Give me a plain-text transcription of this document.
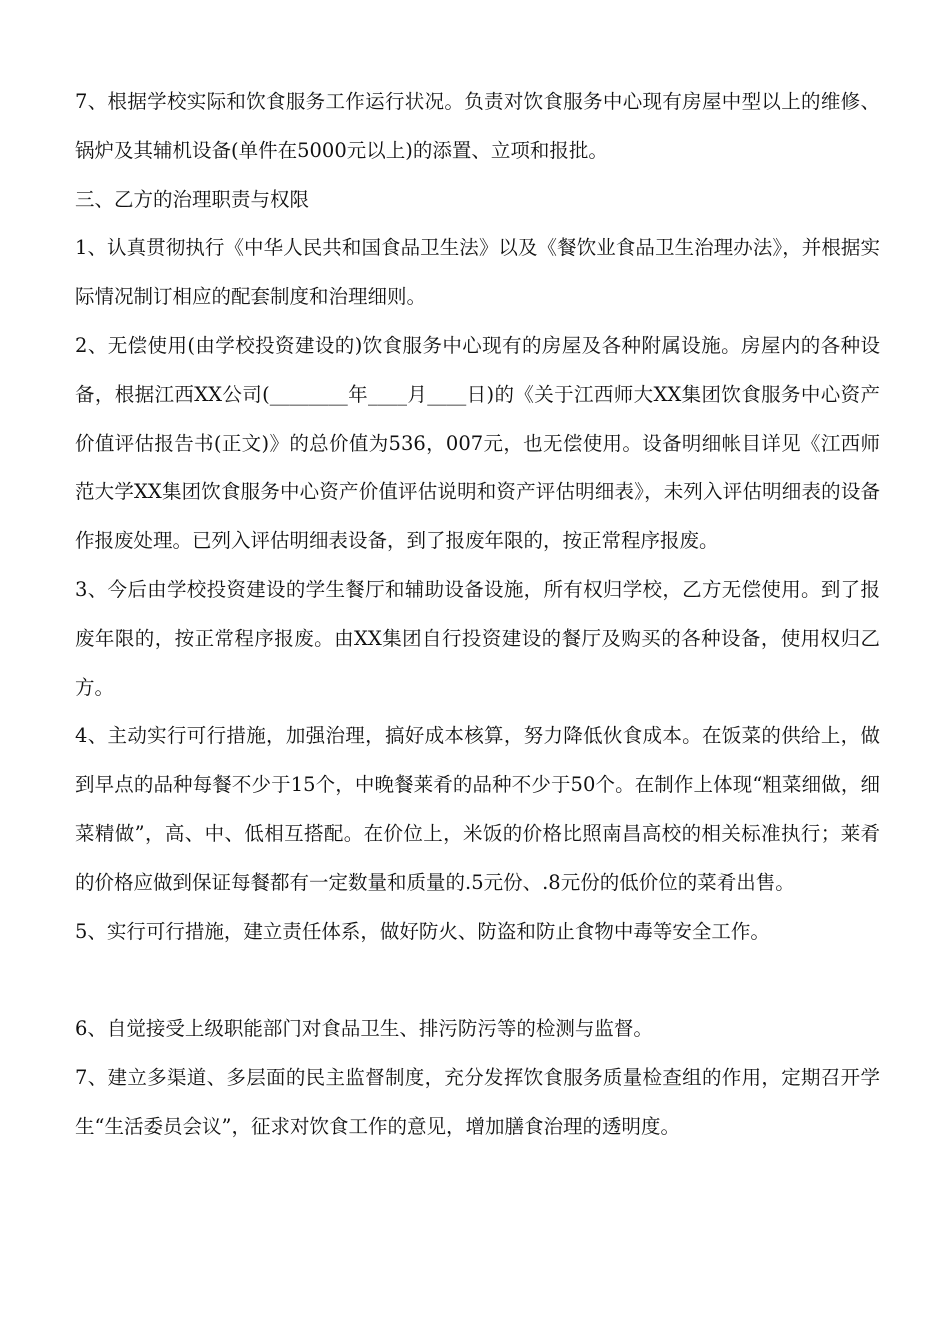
7、根据学校实际和饮食服务工作运行状况。负责对饮食服务中心现有房屋中型以上的维修、锅炉及其辅机设备(单件在5000元以上)的添置、立项和报批。

三、乙方的治理职责与权限

1、认真贯彻执行《中华人民共和国食品卫生法》以及《餐饮业食品卫生治理办法》，并根据实际情况制订相应的配套制度和治理细则。

2、无偿使用(由学校投资建设的)饮食服务中心现有的房屋及各种附属设施。房屋内的各种设备，根据江西XX公司(________年____月____日)的《关于江西师大XX集团饮食服务中心资产价值评估报告书(正文)》的总价值为536，007元，也无偿使用。设备明细帐目详见《江西师范大学XX集团饮食服务中心资产价值评估说明和资产评估明细表》，未列入评估明细表的设备作报废处理。已列入评估明细表设备，到了报废年限的，按正常程序报废。

3、今后由学校投资建设的学生餐厅和辅助设备设施，所有权归学校，乙方无偿使用。到了报废年限的，按正常程序报废。由XX集团自行投资建设的餐厅及购买的各种设备，使用权归乙方。

4、主动实行可行措施，加强治理，搞好成本核算，努力降低伙食成本。在饭菜的供给上，做到早点的品种每餐不少于15个，中晚餐莱肴的品种不少于50个。在制作上体现“粗菜细做，细菜精做”，高、中、低相互搭配。在价位上，米饭的价格比照南昌高校的相关标准执行；莱肴的价格应做到保证每餐都有一定数量和质量的.5元份、.8元份的低价位的菜肴出售。

5、实行可行措施，建立责任体系，做好防火、防盗和防止食物中毒等安全工作。

6、自觉接受上级职能部门对食品卫生、排污防污等的检测与监督。

7、建立多渠道、多层面的民主监督制度，充分发挥饮食服务质量检查组的作用，定期召开学生“生活委员会议”，征求对饮食工作的意见，增加膳食治理的透明度。
